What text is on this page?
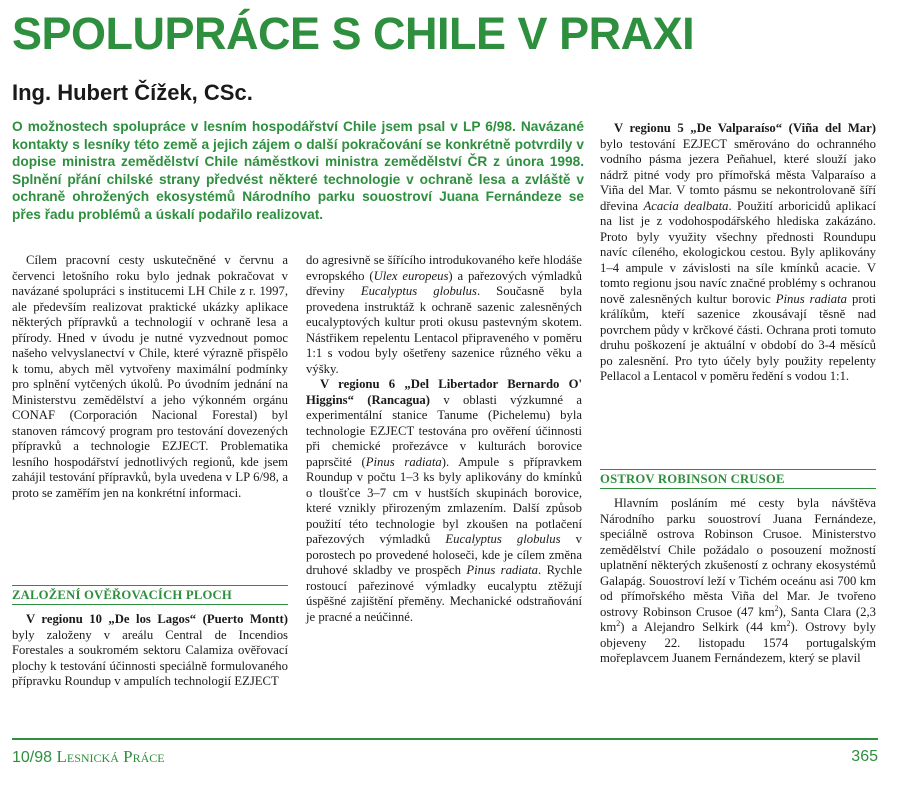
SPOLUPRÁCE S CHILE V PRAXI
Ing. Hubert Čížek, CSc.

O možnostech spolupráce v lesním hospodářství Chile jsem psal v LP 6/98. Navázané kontakty s lesníky této země a jejich zájem o další pokračování se konkrétně potvrdily v dopise ministra zemědělství Chile náměstkovi ministra zemědělství ČR z února 1998. Splnění přání chilské strany předvést některé technologie v ochraně lesa a zvláště v ochraně ohrožených ekosystémů Národního parku souostroví Juana Fernándeze se přes řadu problémů a úskalí podařilo realizovat.

Cílem pracovní cesty uskutečněné v červnu a červenci letošního roku bylo jednak pokračovat v navázané spolupráci s institucemi LH Chile z r. 1997, ale především realizovat praktické ukázky aplikace některých přípravků a technologií v ochraně lesa a přírody. Hned v úvodu je nutné vyzvednout pomoc našeho velvyslanectví v Chile, které výrazně přispělo k tomu, abych měl vytvořeny maximální podmínky pro splnění vytčených úkolů. Po úvodním jednání na Ministerstvu zemědělství a jeho výkonném orgánu CONAF (Corporación Nacional Forestal) byl stanoven rámcový program pro testování dovezených přípravků a technologie EZJECT. Problematika lesního hospodářství jednotlivých regionů, kde jsem zahájil testování přípravků, byla uvedena v LP 6/98, a proto se zaměřím jen na konkrétní informaci.

ZALOŽENÍ OVĚŘOVACÍCH PLOCH

V regionu 10 „De los Lagos“ (Puerto Montt) byly založeny v areálu Central de Incendios Forestales a soukromém sektoru Calamiza ověřovací plochy k testování účinnosti speciálně formulovaného přípravku Roundup v ampulích technologií EZJECT

do agresivně se šířícího introdukovaného keře hlodáše evropského (Ulex europeus) a pařezových výmladků dřeviny Eucalyptus globulus. Současně byla provedena instruktáž k ochraně sazenic zalesněných eucalyptových kultur proti okusu pastevným skotem. Nástřikem repelentu Lentacol připraveného v poměru 1:1 s vodou byly ošetřeny sazenice různého věku a výšky.

V regionu 6 „Del Libertador Bernardo O' Higgins“ (Rancagua) v oblasti výzkumné a experimentální stanice Tanume (Pichelemu) byla technologie EZJECT testována pro ověření účinnosti při chemické prořezávce v kulturách borovice paprsčité (Pinus radiata). Ampule s přípravkem Roundup v počtu 1–3 ks byly aplikovány do kmínků o tloušťce 3–7 cm v hustších skupinách borovice, které vznikly přirozeným zmlazením. Další způsob použití této technologie byl zkoušen na potlačení pařezových výmladků Eucalyptus globulus v porostech po provedené holoseči, kde je cílem změna druhové skladby ve prospěch Pinus radiata. Rychle rostoucí pařezinové výmladky eucalyptu ztěžují úspěšné zajištění přeměny. Mechanické odstraňování je pracné a neúčinné.

V regionu 5 „De Valparaíso“ (Viña del Mar) bylo testování EZJECT směrováno do ochranného vodního pásma jezera Peñahuel, které slouží jako nádrž pitné vody pro přímořská města Valparaíso a Viña del Mar. V tomto pásmu se nekontrolovaně šíří dřevina Acacia dealbata. Použití arboricidů aplikací na list je z vodohospodářského hlediska zakázáno. Proto byly využity všechny přednosti Roundupu navíc cíleného, ekologickou cestou. Byly aplikovány 1–4 ampule v závislosti na síle kmínků acacie. V tomto regionu jsou navíc značné problémy s ochranou nově zalesněných kultur borovic Pinus radiata proti králíkům, kteří sazenice zkousávají těsně nad povrchem půdy v krčkové části. Ochrana proti tomuto druhu poškození je aktuální v období do 3-4 měsíců po zalesnění. Pro tyto účely byly použity repelenty Pellacol a Lentacol v poměru ředění s vodou 1:1.

OSTROV ROBINSON CRUSOE

Hlavním posláním mé cesty byla návštěva Národního parku souostroví Juana Fernándeze, speciálně ostrova Robinson Crusoe. Ministerstvo zemědělství Chile požádalo o posouzení možností uplatnění některých zkušeností z ochrany ekosystémů Galapág. Souostroví leží v Tichém oceánu asi 700 km od přímořského města Viña del Mar. Je tvořeno ostrovy Robinson Crusoe (47 $km^2$), Santa Clara (2,3 $km^2$) a Alejandro Selkirk (44 $km^2$). Ostrovy byly objeveny 22. listopadu 1574 portugalským mořeplavcem Juanem Fernándezem, který se plavil

10/98 Lesnická Práce	365
